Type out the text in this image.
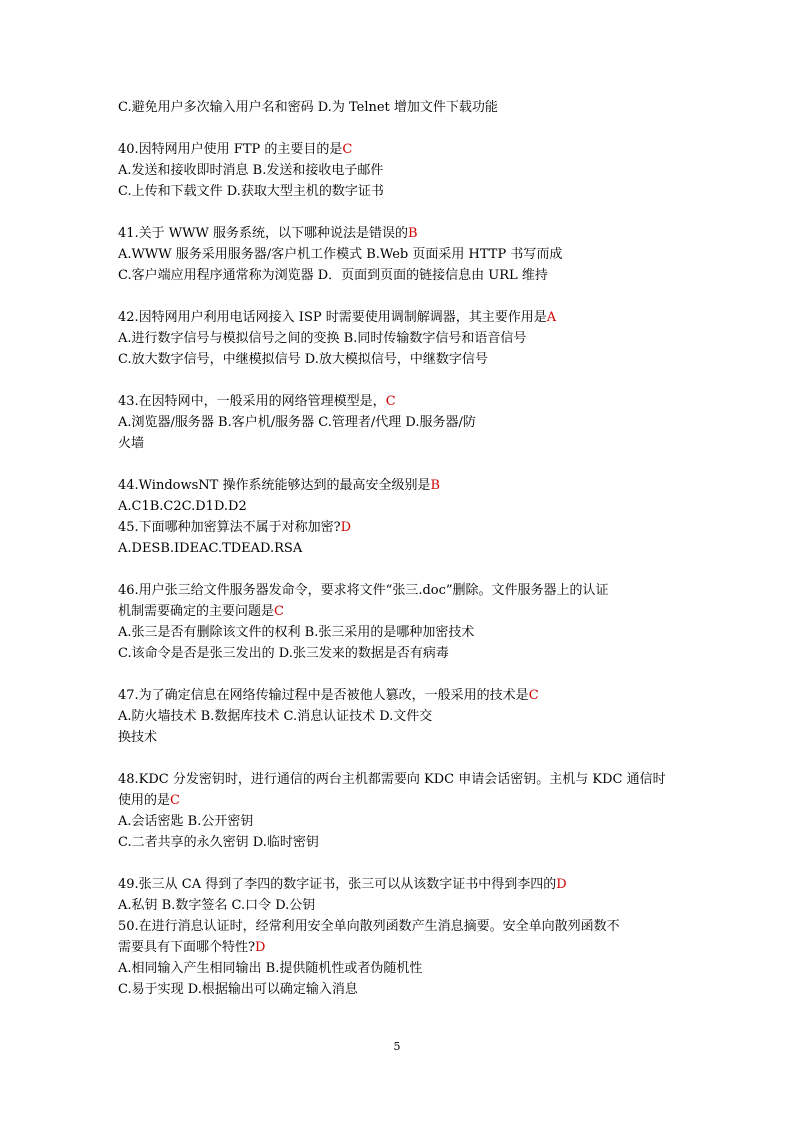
C.避免用户多次输入用户名和密码 D.为 Telnet 增加文件下载功能
40.因特网用户使用 FTP 的主要目的是C
A.发送和接收即时消息 B.发送和接收电子邮件
C.上传和下载文件 D.获取大型主机的数字证书
41.关于 WWW 服务系统，以下哪种说法是错误的B
A.WWW 服务采用服务器/客户机工作模式 B.Web 页面采用 HTTP 书写而成
C.客户端应用程序通常称为浏览器 D．页面到页面的链接信息由 URL 维持
42.因特网用户利用电话网接入 ISP 时需要使用调制解调器，其主要作用是A
A.进行数字信号与模拟信号之间的变换 B.同时传输数字信号和语音信号
C.放大数字信号，中继模拟信号 D.放大模拟信号，中继数字信号
43.在因特网中，一般采用的网络管理模型是，C
A.浏览器/服务器 B.客户机/服务器 C.管理者/代理 D.服务器/防
火墙
44.WindowsNT 操作系统能够达到的最高安全级别是B
A.C1B.C2C.D1D.D2
45.下面哪种加密算法不属于对称加密?D
A.DESB.IDEAC.TDEAD.RSA
46.用户张三给文件服务器发命令，要求将文件“张三.doc”删除。文件服务器上的认证
机制需要确定的主要问题是C
A.张三是否有删除该文件的权利 B.张三采用的是哪种加密技术
C.该命令是否是张三发出的 D.张三发来的数据是否有病毒
47.为了确定信息在网络传输过程中是否被他人篡改，一般采用的技术是C
A.防火墙技术 B.数据库技术 C.消息认证技术 D.文件交
换技术
48.KDC 分发密钥时，进行通信的两台主机都需要向 KDC 申请会话密钥。主机与 KDC 通信时
使用的是C
A.会话密匙 B.公开密钥
C.二者共享的永久密钥 D.临时密钥
49.张三从 CA 得到了李四的数字证书，张三可以从该数字证书中得到李四的D
A.私钥 B.数字签名 C.口令 D.公钥
50.在进行消息认证时，经常利用安全单向散列函数产生消息摘要。安全单向散列函数不
需要具有下面哪个特性?D
A.相同输入产生相同输出 B.提供随机性或者伪随机性
C.易于实现 D.根据输出可以确定输入消息
5
